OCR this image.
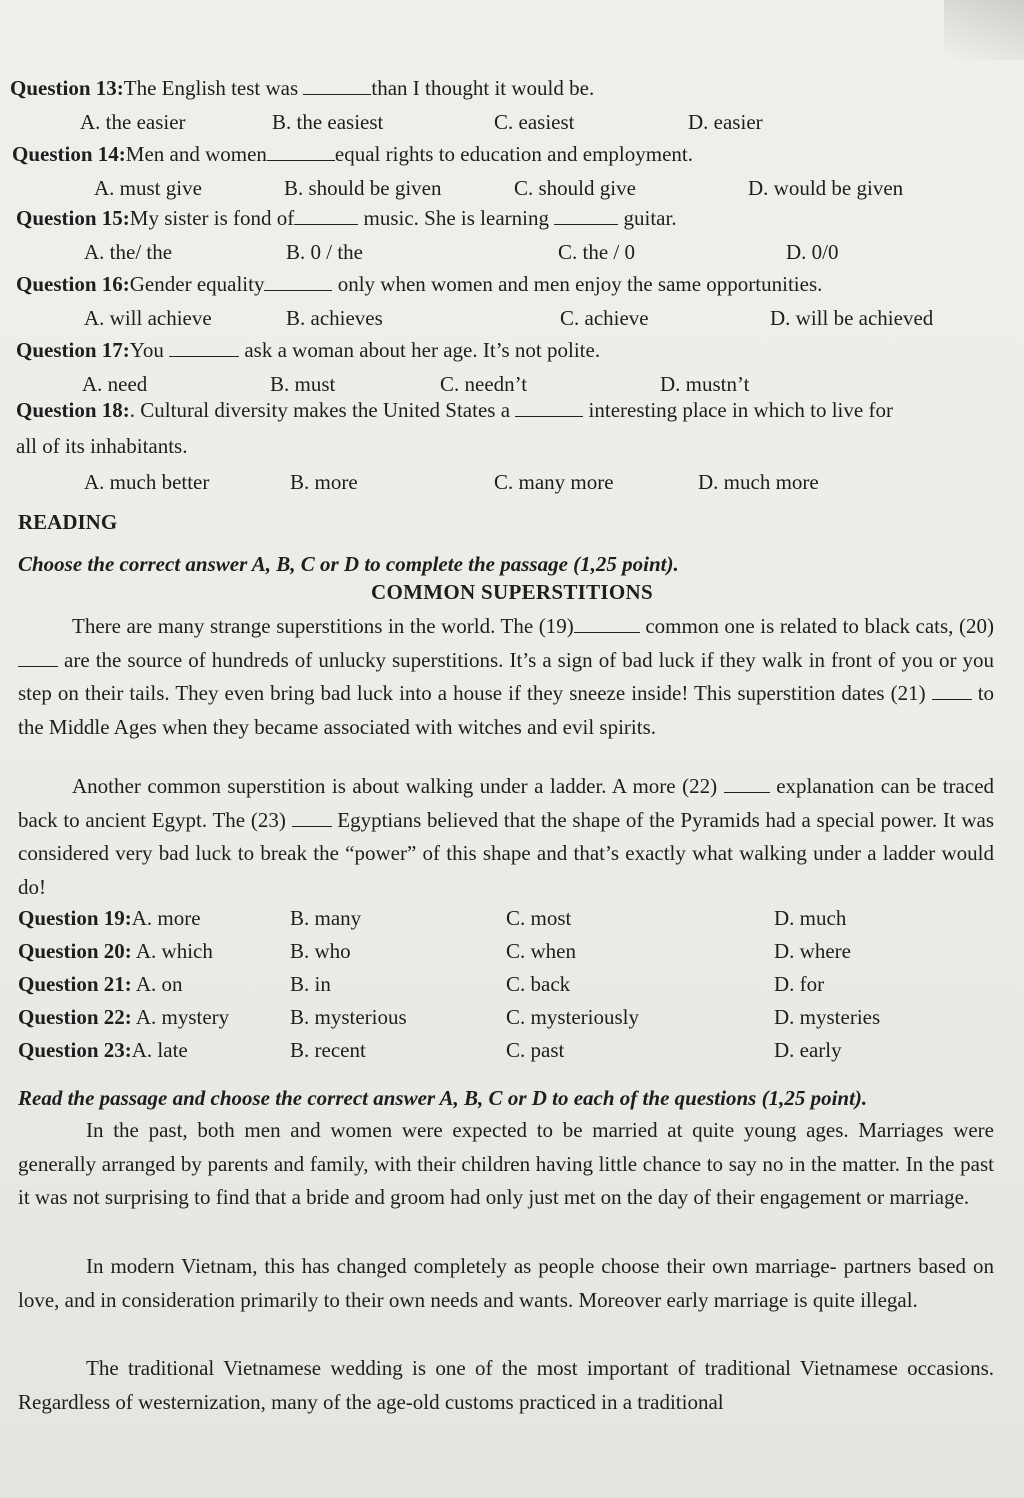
Question 13:The English test was	than I thought it would be.
A. the easier	B. the easiest	C. easiest	D. easier
Question 14:Men and women	equal rights to education and employment.
A. must give	B. should be given	C. should give	D. would be given
Question 15:My sister is fond of	music. She is learning	guitar.
A. the/ the	B. 0 / the	C. the / 0	D. 0/0
Question 16:Gender equality	only when women and men enjoy the same opportunities.
A. will achieve	B. achieves	C. achieve	D. will be achieved
Question 17:You	ask a woman about her age. It’s not polite.
A. need	B. must	C. needn’t	D. mustn’t
Question 18:. Cultural diversity makes the United States a	interesting place in which to live for
all of its inhabitants.
A. much better	B. more	C. many more	D. much more
READING
Choose the correct answer A, B, C or D to complete the passage (1,25 point).
COMMON SUPERSTITIONS
There are many strange superstitions in the world. The (19)	common one is related to black cats, (20)  are the source of hundreds of unlucky superstitions. It’s a sign of bad luck if they walk in front of you or you step on their tails. They even bring bad luck into a house if they sneeze inside! This superstition dates (21) to the Middle Ages when they became associated with witches and evil spirits.
Another common superstition is about walking under a ladder. A more (22)	explanation can be traced back to ancient Egypt. The (23) Egyptians believed that the shape of the Pyramids had a special power. It was considered very bad luck to break the “power” of this shape and that’s exactly what walking under a ladder would do!
Question 19:A. more	B. many	C. most	D. much
Question 20: A. which	B. who	C. when	D. where
Question 21: A. on	B. in	C. back	D. for
Question 22: A. mystery	B. mysterious	C. mysteriously	D. mysteries
Question 23:A. late	B. recent	C. past	D. early
Read the passage and choose the correct answer A, B, C or D to each of the questions (1,25 point).
In the past, both men and women were expected to be married at quite young ages. Marriages were generally arranged by parents and family, with their children having little chance to say no in the matter. In the past it was not surprising to find that a bride and groom had only just met on the day of their engagement or marriage.
In modern Vietnam, this has changed completely as people choose their own marriage- partners based on love, and in consideration primarily to their own needs and wants. Moreover early marriage is quite illegal.
The traditional Vietnamese wedding is one of the most important of traditional Vietnamese occasions. Regardless of westernization, many of the age-old customs practiced in a traditional
